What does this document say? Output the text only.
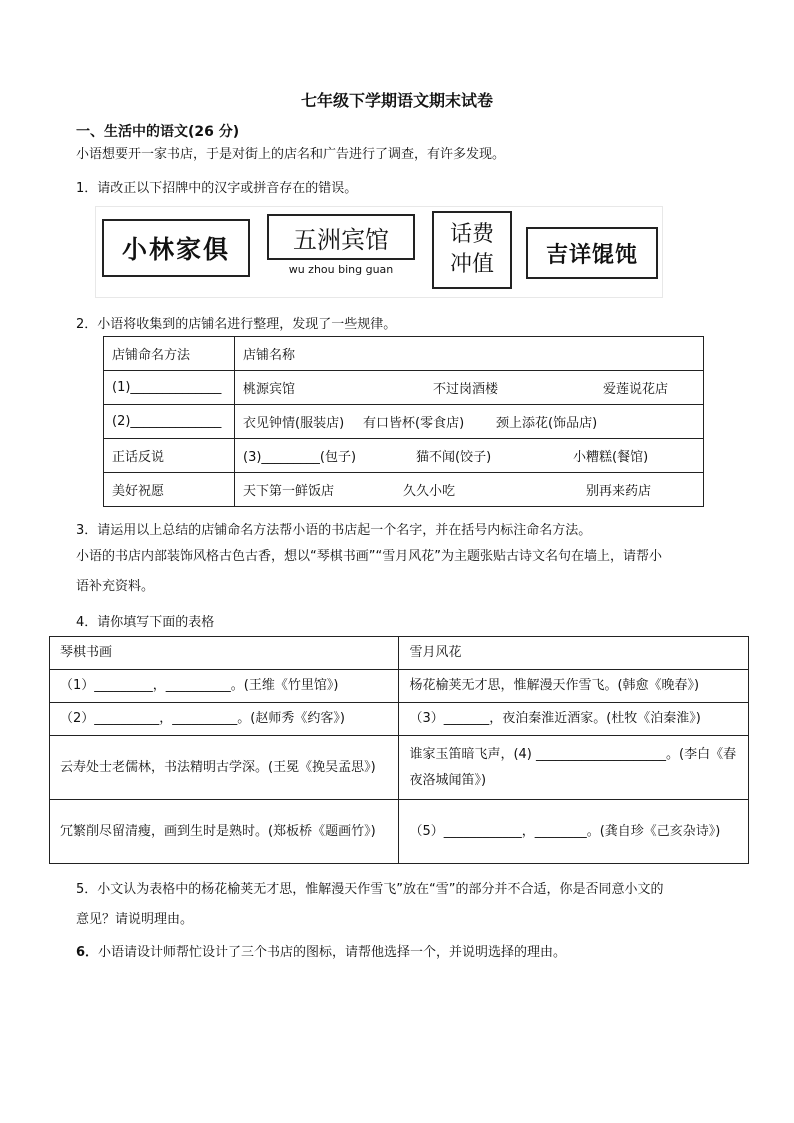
七年级下学期语文期末试卷
一、生活中的语文(26 分)
小语想要开一家书店，于是对街上的店名和广告进行了调查，有许多发现。
1．请改正以下招牌中的汉字或拼音存在的错误。
小林家俱	五洲宾馆
wu zhou bing guan
话费
冲值	吉详馄饨
2．小语将收集到的店铺名进行整理，发现了一些规律。
店铺命名方法	店铺名称
(1)______________	桃源宾馆 不过岗酒楼 爱莲说花店

(2)______________	衣见钟情(服装店) 有口皆杯(零食店) 颈上添花(饰品店)

正话反说	(3)_________(包子) 猫不闻(饺子) 小糟糕(餐馆)

美好祝愿	天下第一鲜饭店 久久小吃 别再来药店
3．请运用以上总结的店铺命名方法帮小语的书店起一个名字，并在括号内标注命名方法。
小语的书店内部装饰风格古色古香，想以“琴棋书画”“雪月风花”为主题张贴古诗文名句在墙上，请帮小
语补充资料。
4．请你填写下面的表格
琴棋书画	雪月风花
（1）_________，__________。(王维《竹里馆》)	杨花榆荚无才思，惟解漫天作雪飞。(韩愈《晚春》)
（2）__________，__________。(赵师秀《约客》)	（3）_______，夜泊秦淮近酒家。(杜牧《泊秦淮》)
云寿处士老儒林，书法精明古学深。(王冕《挽吴孟思》)	谁家玉笛暗飞声，(4) ____________________。(李白《春夜洛城闻笛》)
冗繁削尽留清瘦，画到生时是熟时。(郑板桥《题画竹》)	（5）____________，________。(龚自珍《己亥杂诗》)
5．小文认为表格中的杨花榆荚无才思，惟解漫天作雪飞”放在“雪”的部分并不合适，你是否同意小文的
意见？请说明理由。
6．小语请设计师帮忙设计了三个书店的图标，请帮他选择一个，并说明选择的理由。
